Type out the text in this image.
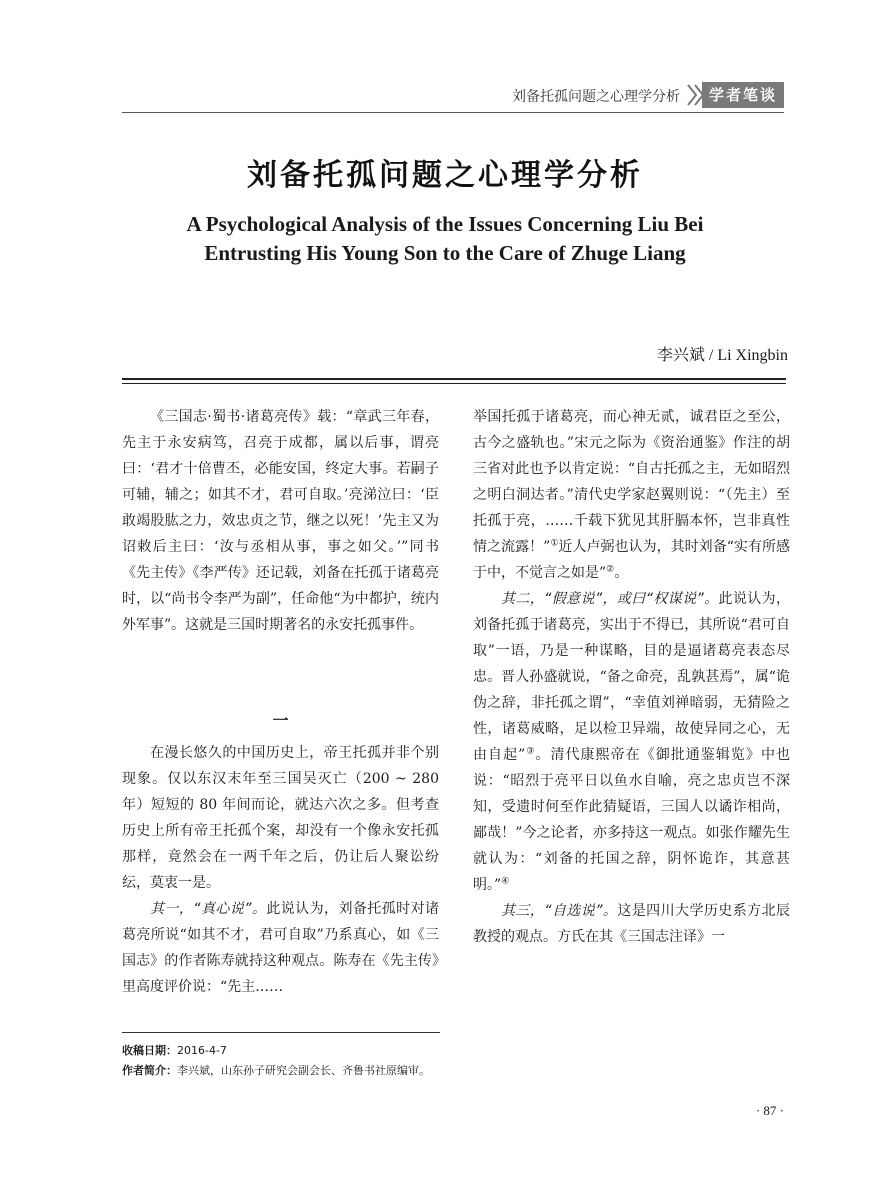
刘备托孤问题之心理学分析	学者笔谈
刘备托孤问题之心理学分析
A Psychological Analysis of the Issues Concerning Liu Bei
Entrusting His Young Son to the Care of Zhuge Liang
李兴斌 / Li Xingbin

《三国志·蜀书·诸葛亮传》载：“章武三年春，先主于永安病笃，召亮于成都，属以后事，谓亮曰：‘君才十倍曹丕，必能安国，终定大事。若嗣子可辅，辅之；如其不才，君可自取。’亮涕泣曰：‘臣敢竭股肱之力，效忠贞之节，继之以死！’先主又为诏敕后主曰：‘汝与丞相从事，事之如父。’”同书《先主传》《李严传》还记载，刘备在托孤于诸葛亮时，以“尚书令李严为副”，任命他“为中都护，统内外军事”。这就是三国时期著名的永安托孤事件。

一

在漫长悠久的中国历史上，帝王托孤并非个别现象。仅以东汉末年至三国吴灭亡（200 ~ 280 年）短短的 80 年间而论，就达六次之多。但考查历史上所有帝王托孤个案，却没有一个像永安托孤那样，竟然会在一两千年之后，仍让后人聚讼纷纭，莫衷一是。

其一，“真心说”。此说认为，刘备托孤时对诸葛亮所说“如其不才，君可自取”乃系真心，如《三国志》的作者陈寿就持这种观点。陈寿在《先主传》里高度评价说：“先主……

举国托孤于诸葛亮，而心神无贰，诚君臣之至公，古今之盛轨也。”宋元之际为《资治通鉴》作注的胡三省对此也予以肯定说：“自古托孤之主，无如昭烈之明白洞达者。”清代史学家赵翼则说：“（先主）至托孤于亮，……千载下犹见其肝膈本怀，岂非真性情之流露！”①近人卢弼也认为，其时刘备“实有所感于中，不觉言之如是”②。

其二，“假意说”，或曰“权谋说”。此说认为，刘备托孤于诸葛亮，实出于不得已，其所说“君可自取”一语，乃是一种谋略，目的是逼诸葛亮表态尽忠。晋人孙盛就说，“备之命亮，乱孰甚焉”，属“诡伪之辞，非托孤之谓”，“幸值刘禅暗弱，无猜险之性，诸葛威略，足以检卫异端，故使异同之心，无由自起”③。清代康熙帝在《御批通鉴辑览》中也说：“昭烈于亮平日以鱼水自喻，亮之忠贞岂不深知，受遗时何至作此猜疑语，三国人以谲诈相尚，鄙哉！”今之论者，亦多持这一观点。如张作耀先生就认为：“刘备的托国之辞，阴怀诡诈，其意甚明。”④

其三，“自选说”。这是四川大学历史系方北辰教授的观点。方氏在其《三国志注译》一

收稿日期：2016-4-7
作者简介：李兴斌，山东孙子研究会副会长、齐鲁书社原编审。
· 87 ·
